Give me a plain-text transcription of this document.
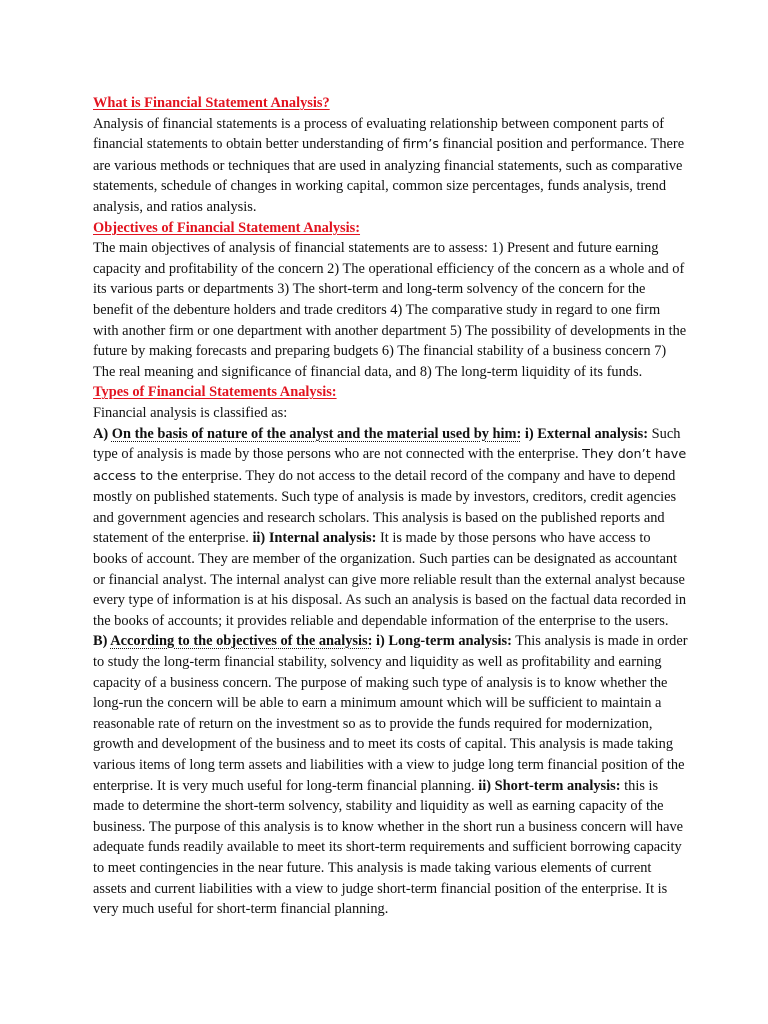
What is Financial Statement Analysis?

Analysis of financial statements is a process of evaluating relationship between component parts of financial statements to obtain better understanding of firm’s financial position and performance. There are various methods or techniques that are used in analyzing financial statements, such as comparative statements, schedule of changes in working capital, common size percentages, funds analysis, trend analysis, and ratios analysis.

Objectives of Financial Statement Analysis:

The main objectives of analysis of financial statements are to assess: 1) Present and future earning capacity and profitability of the concern 2) The operational efficiency of the concern as a whole and of its various parts or departments 3) The short-term and long-term solvency of the concern for the benefit of the debenture holders and trade creditors 4) The comparative study in regard to one firm with another firm or one department with another department 5) The possibility of developments in the future by making forecasts and preparing budgets 6) The financial stability of a business concern 7) The real meaning and significance of financial data, and 8) The long-term liquidity of its funds.

Types of Financial Statements Analysis:

Financial analysis is classified as:

A) On the basis of nature of the analyst and the material used by him: i) External analysis: Such type of analysis is made by those persons who are not connected with the enterprise. They don’t have access to the enterprise. They do not access to the detail record of the company and have to depend mostly on published statements. Such type of analysis is made by investors, creditors, credit agencies and government agencies and research scholars. This analysis is based on the published reports and statement of the enterprise. ii) Internal analysis: It is made by those persons who have access to books of account. They are member of the organization. Such parties can be designated as accountant or financial analyst. The internal analyst can give more reliable result than the external analyst because every type of information is at his disposal. As such an analysis is based on the factual data recorded in the books of accounts; it provides reliable and dependable information of the enterprise to the users.

B) According to the objectives of the analysis: i) Long-term analysis: This analysis is made in order to study the long-term financial stability, solvency and liquidity as well as profitability and earning capacity of a business concern. The purpose of making such type of analysis is to know whether the long-run the concern will be able to earn a minimum amount which will be sufficient to maintain a reasonable rate of return on the investment so as to provide the funds required for modernization, growth and development of the business and to meet its costs of capital. This analysis is made taking various items of long term assets and liabilities with a view to judge long term financial position of the enterprise. It is very much useful for long-term financial planning. ii) Short-term analysis: this is made to determine the short-term solvency, stability and liquidity as well as earning capacity of the business. The purpose of this analysis is to know whether in the short run a business concern will have adequate funds readily available to meet its short-term requirements and sufficient borrowing capacity to meet contingencies in the near future. This analysis is made taking various elements of current assets and current liabilities with a view to judge short-term financial position of the enterprise. It is very much useful for short-term financial planning.
